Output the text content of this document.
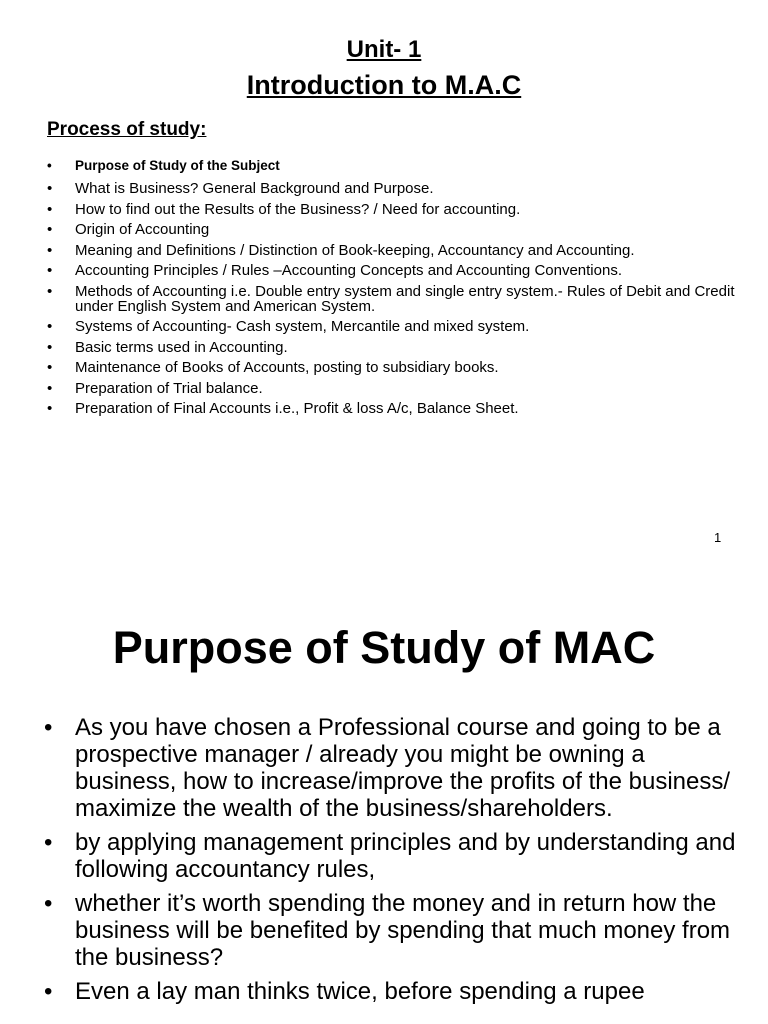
Unit- 1
Introduction to M.A.C
Process of study:
• Purpose of Study of the Subject
• What is Business? General Background and Purpose.
• How to find out the Results of the Business? / Need for accounting.
• Origin of Accounting
• Meaning and Definitions / Distinction of Book-keeping, Accountancy and Accounting.
• Accounting Principles / Rules –Accounting Concepts and Accounting Conventions.
• Methods of Accounting i.e. Double entry system and single entry system.- Rules of Debit and Credit under English System and American System.
• Systems of Accounting- Cash system, Mercantile and mixed system.
• Basic terms used in Accounting.
• Maintenance of Books of Accounts, posting to subsidiary books.
• Preparation of Trial balance.
• Preparation of Final Accounts i.e., Profit & loss A/c, Balance Sheet.
1
Purpose of Study of MAC
• As you have chosen a Professional course and going to be a prospective manager / already you might be owning a business, how to increase/improve the profits of the business/ maximize the wealth of the business/shareholders.
• by applying management principles and by understanding and following accountancy rules,
• whether it’s worth spending the money and in return how the business will be benefited by spending that much money from the business?
• Even a lay man thinks twice, before spending a rupee
